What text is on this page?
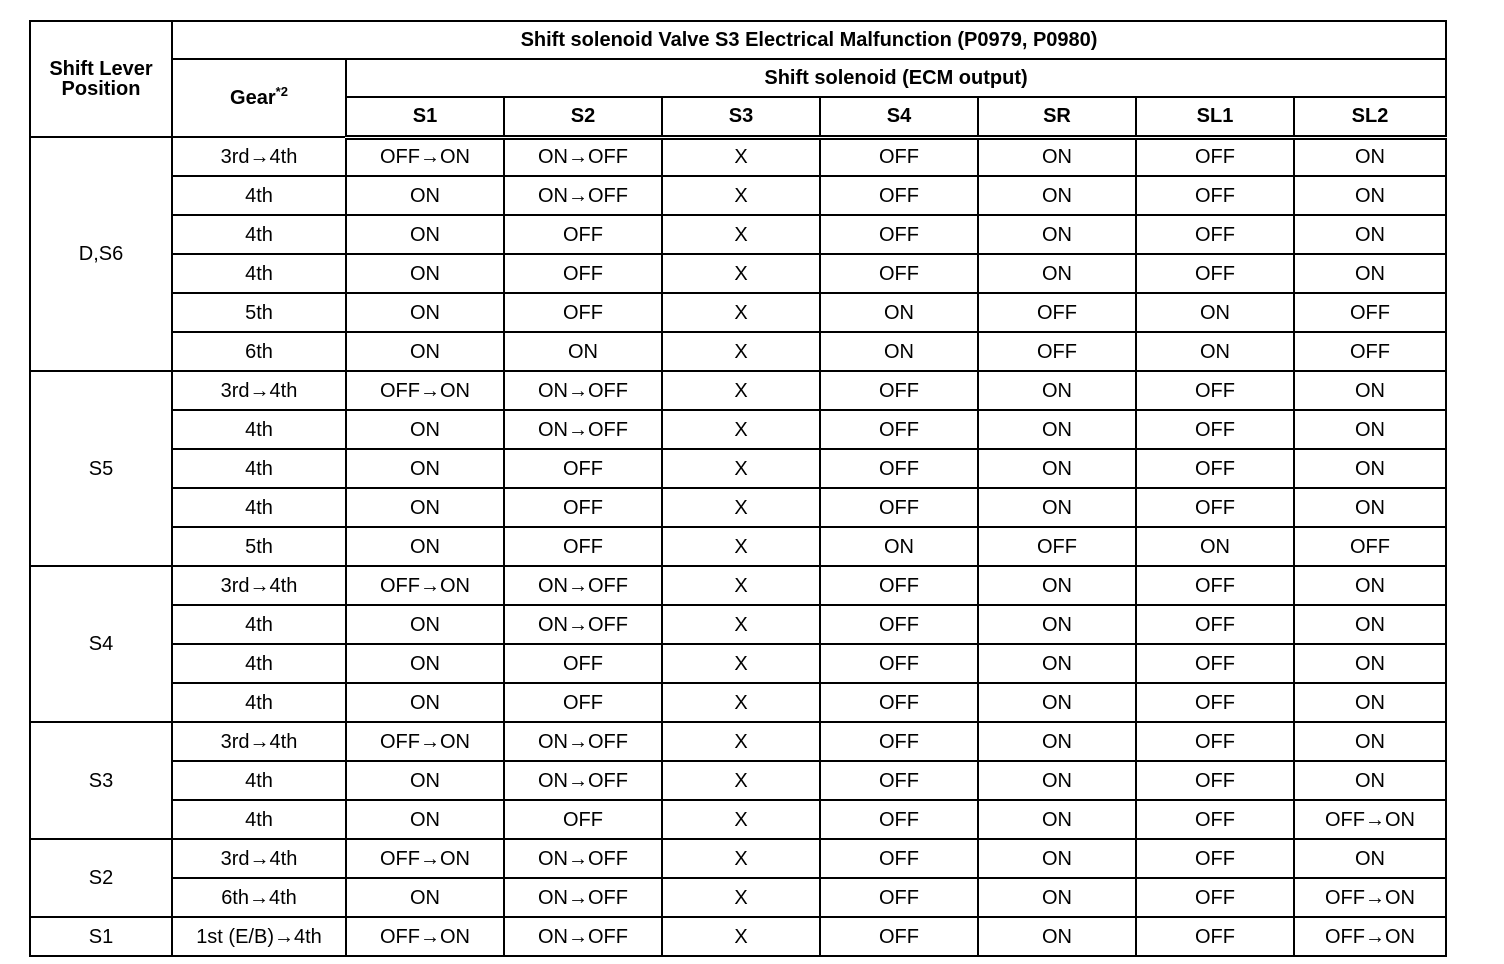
Shift Lever
Position	Shift solenoid Valve S3 Electrical Malfunction (P0979, P0980)							
	Gear$^{*2}$	Shift solenoid (ECM output)						
		S1	S2	S3	S4	SR	SL1	SL2
D,S6	3rd→4th	OFF→ON	ON→OFF	X	OFF	ON	OFF	ON
	4th	ON	ON→OFF	X	OFF	ON	OFF	ON
	4th	ON	OFF	X	OFF	ON	OFF	ON
	4th	ON	OFF	X	OFF	ON	OFF	ON
	5th	ON	OFF	X	ON	OFF	ON	OFF
	6th	ON	ON	X	ON	OFF	ON	OFF
S5	3rd→4th	OFF→ON	ON→OFF	X	OFF	ON	OFF	ON
	4th	ON	ON→OFF	X	OFF	ON	OFF	ON
	4th	ON	OFF	X	OFF	ON	OFF	ON
	4th	ON	OFF	X	OFF	ON	OFF	ON
	5th	ON	OFF	X	ON	OFF	ON	OFF
S4	3rd→4th	OFF→ON	ON→OFF	X	OFF	ON	OFF	ON
	4th	ON	ON→OFF	X	OFF	ON	OFF	ON
	4th	ON	OFF	X	OFF	ON	OFF	ON
	4th	ON	OFF	X	OFF	ON	OFF	ON
S3	3rd→4th	OFF→ON	ON→OFF	X	OFF	ON	OFF	ON
	4th	ON	ON→OFF	X	OFF	ON	OFF	ON
	4th	ON	OFF	X	OFF	ON	OFF	OFF→ON
S2	3rd→4th	OFF→ON	ON→OFF	X	OFF	ON	OFF	ON
	6th→4th	ON	ON→OFF	X	OFF	ON	OFF	OFF→ON
S1	1st (E/B)→4th	OFF→ON	ON→OFF	X	OFF	ON	OFF	OFF→ON
